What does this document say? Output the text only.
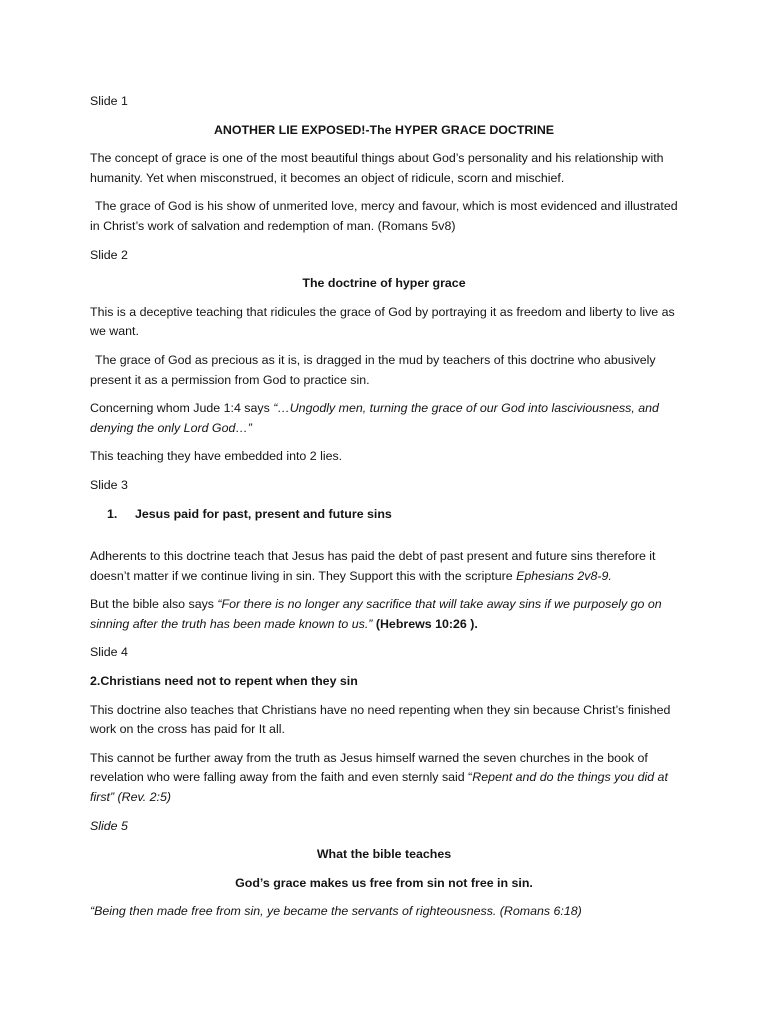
Slide 1

ANOTHER LIE EXPOSED!-The HYPER GRACE DOCTRINE

The concept of grace is one of the most beautiful things about God’s personality and his relationship with humanity. Yet when misconstrued, it becomes an object of ridicule, scorn and mischief.

The grace of God is his show of unmerited love, mercy and favour, which is most evidenced and illustrated in Christ’s work of salvation and redemption of man. (Romans 5v8)

Slide 2

The doctrine of hyper grace

This is a deceptive teaching that ridicules the grace of God by portraying it as freedom and liberty to live as we want.

The grace of God as precious as it is, is dragged in the mud by teachers of this doctrine who abusively present it as a permission from God to practice sin.

Concerning whom Jude 1:4 says “…Ungodly men, turning the grace of our God into lasciviousness, and denying the only Lord God…”

This teaching they have embedded into 2 lies.

Slide 3

1. Jesus paid for past, present and future sins

Adherents to this doctrine teach that Jesus has paid the debt of past present and future sins therefore it doesn’t matter if we continue living in sin. They Support this with the scripture Ephesians 2v8-9.

But the bible also says “For there is no longer any sacrifice that will take away sins if we purposely go on sinning after the truth has been made known to us.” (Hebrews 10:26 ).

Slide 4

2.Christians need not to repent when they sin

This doctrine also teaches that Christians have no need repenting when they sin because Christ’s finished work on the cross has paid for It all.

This cannot be further away from the truth as Jesus himself warned the seven churches in the book of revelation who were falling away from the faith and even sternly said “Repent and do the things you did at first” (Rev. 2:5)

Slide 5

What the bible teaches

God’s grace makes us free from sin not free in sin.

“Being then made free from sin, ye became the servants of righteousness. (Romans 6:18)
